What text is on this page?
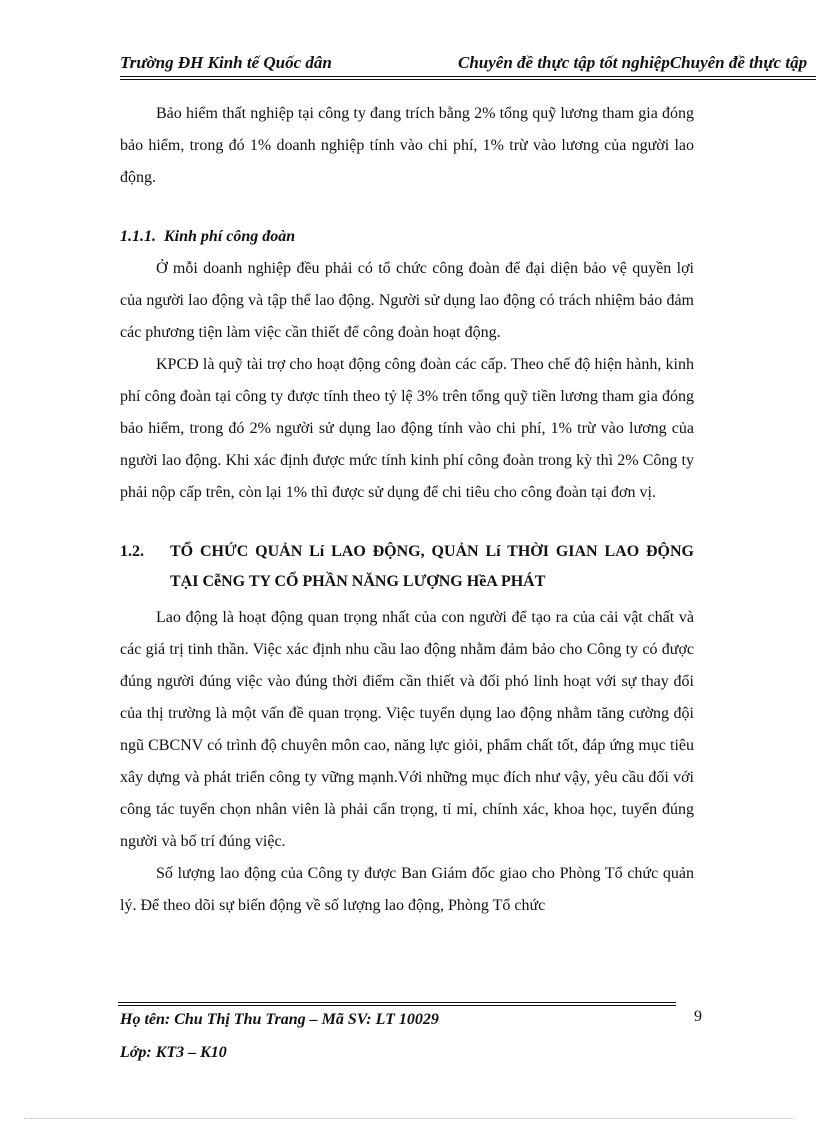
Trường ĐH Kinh tế Quốc dân	Chuyên đề thực tập tốt nghiệpChuyên đề thực tập

Bảo hiểm thất nghiệp tại công ty đang trích bằng 2% tổng quỹ lương tham gia đóng bảo hiểm, trong đó 1% doanh nghiệp tính vào chi phí, 1% trừ vào lương của người lao động.

1.1.1. Kinh phí công đoàn

Ở mỗi doanh nghiệp đều phải có tổ chức công đoàn để đại diện bảo vệ quyền lợi của người lao động và tập thể lao động. Người sử dụng lao động có trách nhiệm bảo đảm các phương tiện làm việc cần thiết để công đoàn hoạt động.

KPCĐ là quỹ tài trợ cho hoạt động công đoàn các cấp. Theo chế độ hiện hành, kinh phí công đoàn tại công ty được tính theo tỷ lệ 3% trên tổng quỹ tiền lương tham gia đóng bảo hiểm, trong đó 2% người sử dụng lao động tính vào chi phí, 1% trừ vào lương của người lao động. Khi xác định được mức tính kinh phí công đoàn trong kỳ thì 2% Công ty phải nộp cấp trên, còn lại 1% thì được sử dụng để chi tiêu cho công đoàn tại đơn vị.

1.2. TỔ CHỨC QUẢN Lí LAO ĐỘNG, QUẢN Lí THỜI GIAN LAO ĐỘNG TẠI CễNG TY CỔ PHẦN NĂNG LƯỢNG HềA PHÁT

Lao động là hoạt động quan trọng nhất của con người để tạo ra của cải vật chất và các giá trị tinh thần. Việc xác định nhu cầu lao động nhằm đảm bảo cho Công ty có được đúng người đúng việc vào đúng thời điểm cần thiết và đối phó linh hoạt với sự thay đổi của thị trường là một vấn đề quan trọng. Việc tuyển dụng lao động nhằm tăng cường đội ngũ CBCNV có trình độ chuyên môn cao, năng lực giỏi, phẩm chất tốt, đáp ứng mục tiêu xây dựng và phát triển công ty vững mạnh.Với những mục đích như vậy, yêu cầu đối với công tác tuyển chọn nhân viên là phải cẩn trọng, tỉ mỉ, chính xác, khoa học, tuyển đúng người và bố trí đúng việc.

Số lượng lao động của Công ty được Ban Giám đốc giao cho Phòng Tổ chức quản lý. Để theo dõi sự biến động về số lượng lao động, Phòng Tổ chức

Họ tên: Chu Thị Thu Trang – Mã SV: LT 10029
Lớp: KT3 – K10
9
